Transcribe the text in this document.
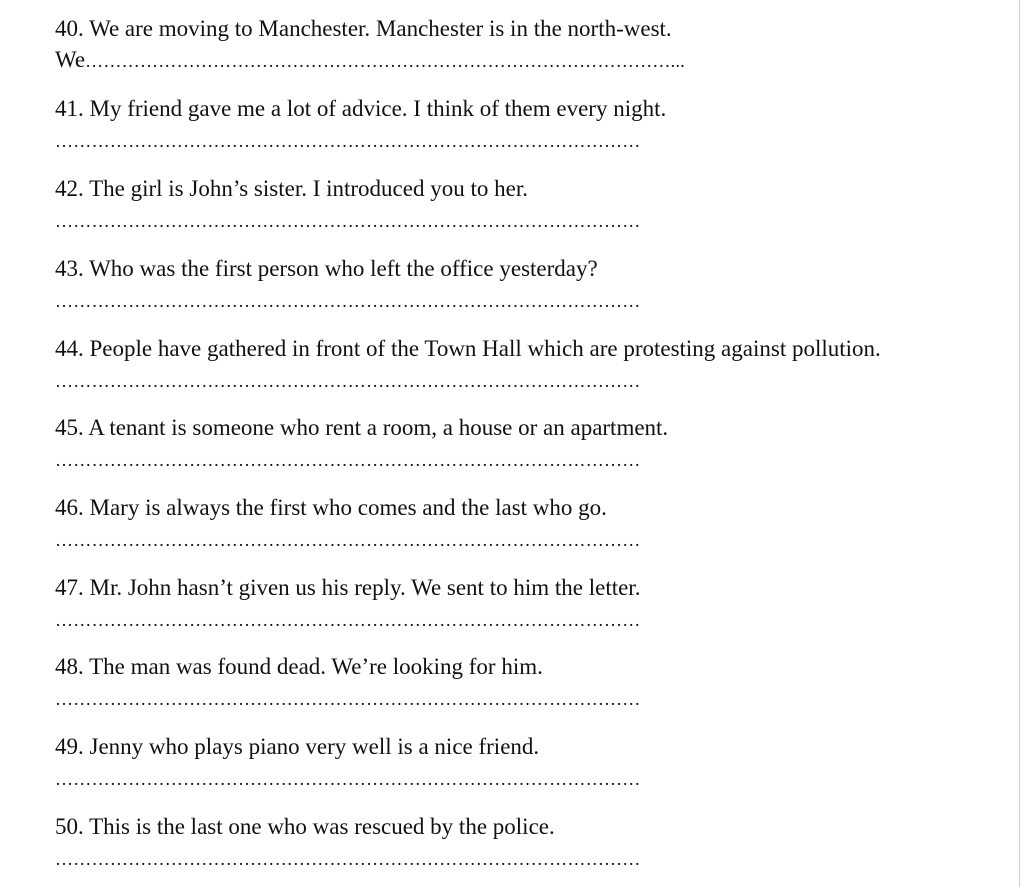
40. We are moving to Manchester. Manchester is in the north-west.
We……………………………………………………………………………………...
41. My friend gave me a lot of advice. I think of them every night.
……………………………………………………………………………………
42. The girl is John’s sister. I introduced you to her.
……………………………………………………………………………………
43. Who was the first person who left the office yesterday?
……………………………………………………………………………………
44. People have gathered in front of the Town Hall which are protesting against pollution.
……………………………………………………………………………………
45. A tenant is someone who rent a room, a house or an apartment.
……………………………………………………………………………………
46. Mary is always the first who comes and the last who go.
……………………………………………………………………………………
47. Mr. John hasn’t given us his reply. We sent to him the letter.
……………………………………………………………………………………
48. The man was found dead. We’re looking for him.
……………………………………………………………………………………
49. Jenny who plays piano very well is a nice friend.
……………………………………………………………………………………
50. This is the last one who was rescued by the police.
……………………………………………………………………………………
